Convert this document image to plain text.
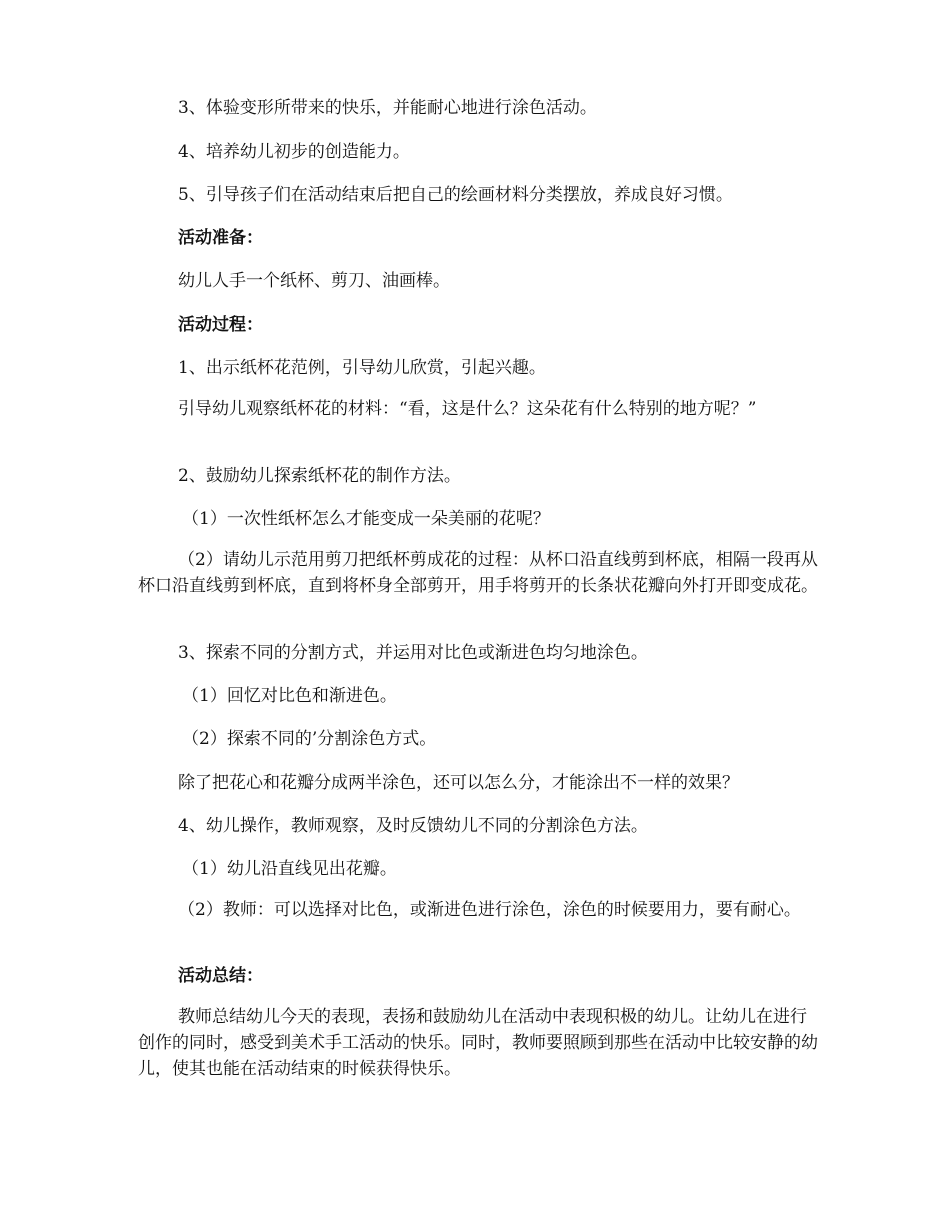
3、体验变形所带来的快乐，并能耐心地进行涂色活动。
4、培养幼儿初步的创造能力。
5、引导孩子们在活动结束后把自己的绘画材料分类摆放，养成良好习惯。
活动准备：
幼儿人手一个纸杯、剪刀、油画棒。
活动过程：
1、出示纸杯花范例，引导幼儿欣赏，引起兴趣。
引导幼儿观察纸杯花的材料：“看，这是什么？这朵花有什么特别的地方呢？”
2、鼓励幼儿探索纸杯花的制作方法。
（1）一次性纸杯怎么才能变成一朵美丽的花呢？
（2）请幼儿示范用剪刀把纸杯剪成花的过程：从杯口沿直线剪到杯底，相隔一段再从杯口沿直线剪到杯底，直到将杯身全部剪开，用手将剪开的长条状花瓣向外打开即变成花。
3、探索不同的分割方式，并运用对比色或渐进色均匀地涂色。
（1）回忆对比色和渐进色。
（2）探索不同的’分割涂色方式。
除了把花心和花瓣分成两半涂色，还可以怎么分，才能涂出不一样的效果？
4、幼儿操作，教师观察，及时反馈幼儿不同的分割涂色方法。
（1）幼儿沿直线见出花瓣。
（2）教师：可以选择对比色，或渐进色进行涂色，涂色的时候要用力，要有耐心。
活动总结：
教师总结幼儿今天的表现，表扬和鼓励幼儿在活动中表现积极的幼儿。让幼儿在进行创作的同时，感受到美术手工活动的快乐。同时，教师要照顾到那些在活动中比较安静的幼儿，使其也能在活动结束的时候获得快乐。
